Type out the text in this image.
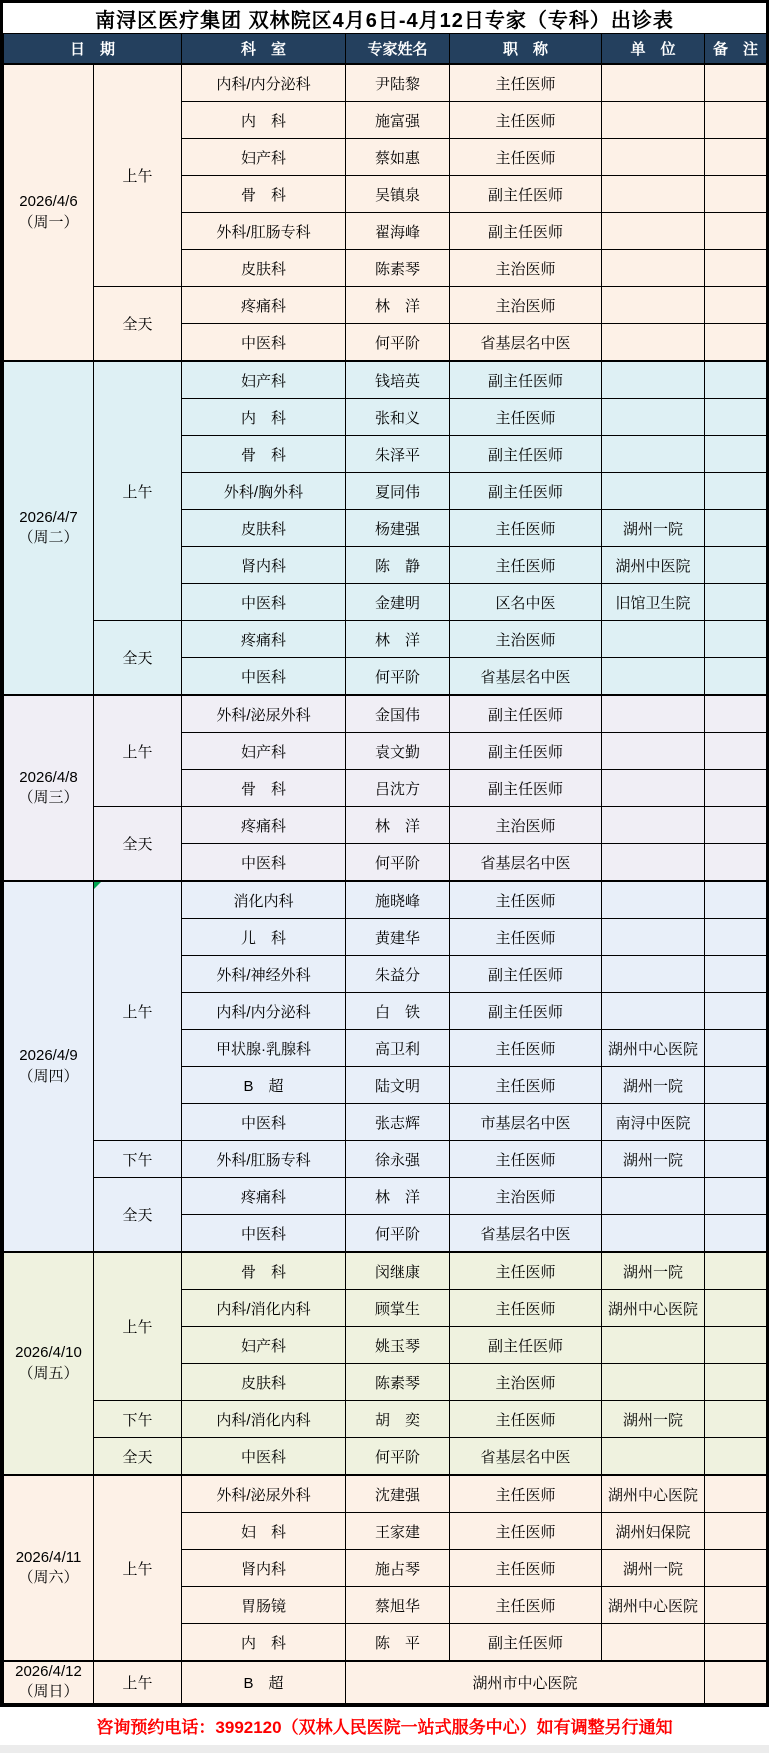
南浔区医疗集团 双林院区4月6日-4月12日专家（专科）出诊表
日　期		科　室	专家姓名	职　称	单　位	备　注

2026/4/6
（周一）	上午	内科/内分泌科	尹陆黎	主任医师		
		内　科	施富强	主任医师		
		妇产科	蔡如惠	主任医师		
		骨　科	吴镇泉	副主任医师		
		外科/肛肠专科	翟海峰	副主任医师		
		皮肤科	陈素琴	主治医师		
	全天	疼痛科	林　洋	主治医师		
		中医科	何平阶	省基层名中医		

2026/4/7
（周二）	上午	妇产科	钱培英	副主任医师		
		内　科	张和义	主任医师		
		骨　科	朱泽平	副主任医师		
		外科/胸外科	夏同伟	副主任医师		
		皮肤科	杨建强	主任医师	湖州一院	
		肾内科	陈　静	主任医师	湖州中医院	
		中医科	金建明	区名中医	旧馆卫生院	
	全天	疼痛科	林　洋	主治医师		
		中医科	何平阶	省基层名中医		

2026/4/8
（周三）	上午	外科/泌尿外科	金国伟	副主任医师		
		妇产科	袁文勤	副主任医师		
		骨　科	吕沈方	副主任医师		
	全天	疼痛科	林　洋	主治医师		
		中医科	何平阶	省基层名中医		

2026/4/9
（周四）	上午	消化内科	施晓峰	主任医师		
		儿　科	黄建华	主任医师		
		外科/神经外科	朱益分	副主任医师		
		内科/内分泌科	白　铁	副主任医师		
		甲状腺·乳腺科	高卫利	主任医师	湖州中心医院	
		B　超	陆文明	主任医师	湖州一院	
		中医科	张志辉	市基层名中医	南浔中医院	
	下午	外科/肛肠专科	徐永强	主任医师	湖州一院	
	全天	疼痛科	林　洋	主治医师		
		中医科	何平阶	省基层名中医		

2026/4/10
（周五）	上午	骨　科	闵继康	主任医师	湖州一院	
		内科/消化内科	顾掌生	主任医师	湖州中心医院	
		妇产科	姚玉琴	副主任医师		
		皮肤科	陈素琴	主治医师		
	下午	内科/消化内科	胡　奕	主任医师	湖州一院	
	全天	中医科	何平阶	省基层名中医		

2026/4/11
（周六）	上午	外科/泌尿外科	沈建强	主任医师	湖州中心医院	
		妇　科	王家建	主任医师	湖州妇保院	
		肾内科	施占琴	主任医师	湖州一院	
		胃肠镜	蔡旭华	主任医师	湖州中心医院	
		内　科	陈　平	副主任医师		

2026/4/12
（周日）	上午	B　超	湖州市中心医院			
咨询预约电话：3992120（双林人民医院一站式服务中心）如有调整另行通知
